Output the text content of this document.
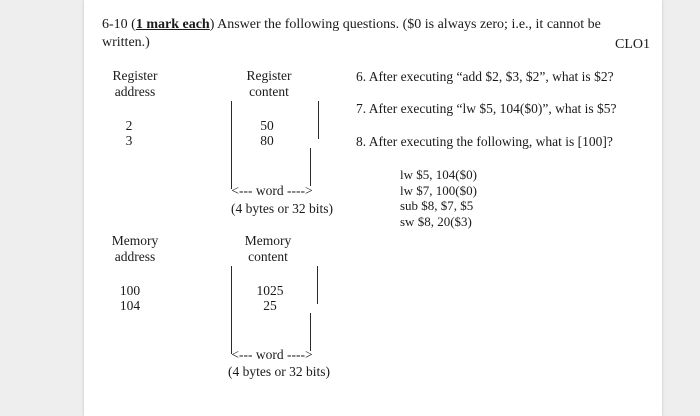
6-10 (1 mark each) Answer the following questions. ($0 is always zero; i.e., it cannot be
written.)	CLO1
Register
address
Register
content
2
3
50
80
<--- word ---->
(4 bytes or 32 bits)
6. After executing “add $2, $3, $2”, what is $2?
7. After executing “lw $5, 104($0)”, what is $5?
8. After executing the following, what is [100]?
lw $5, 104($0)
lw $7, 100($0)
sub $8, $7, $5
sw $8, 20($3)
Memory
address
Memory
content
100
104
1025
25
<--- word ---->
(4 bytes or 32 bits)
